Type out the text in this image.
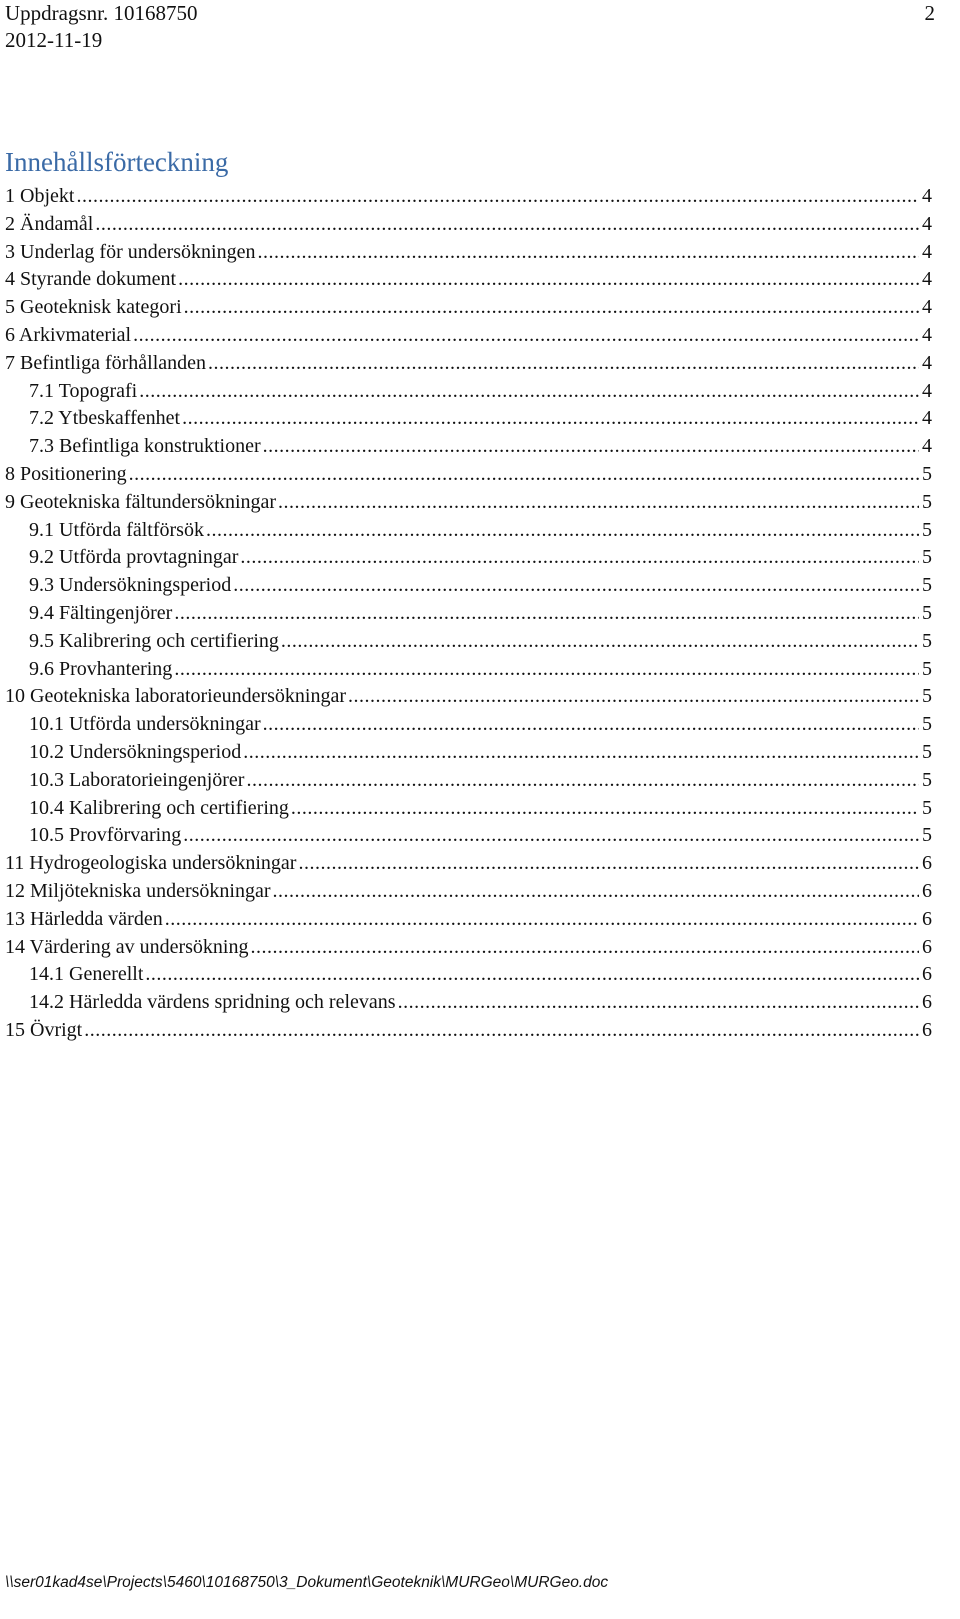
Uppdragsnr. 10168750	2
2012-11-19
Innehållsförteckning
1 Objekt .....	4
2 Ändamål .....	4
3 Underlag för undersökningen .....	4
4 Styrande dokument .....	4
5 Geoteknisk kategori .....	4
6 Arkivmaterial .....	4
7 Befintliga förhållanden .....	4
7.1 Topografi .....	4
7.2 Ytbeskaffenhet .....	4
7.3 Befintliga konstruktioner .....	4
8 Positionering .....	5
9 Geotekniska fältundersökningar .....	5
9.1 Utförda fältförsök .....	5
9.2 Utförda provtagningar .....	5
9.3 Undersökningsperiod .....	5
9.4 Fältingenjörer .....	5
9.5 Kalibrering och certifiering .....	5
9.6 Provhantering .....	5
10 Geotekniska laboratorieundersökningar .....	5
10.1 Utförda undersökningar .....	5
10.2 Undersökningsperiod .....	5
10.3 Laboratorieingenjörer .....	5
10.4 Kalibrering och certifiering .....	5
10.5 Provförvaring .....	5
11 Hydrogeologiska undersökningar .....	6
12 Miljötekniska undersökningar .....	6
13 Härledda värden .....	6
14 Värdering av undersökning .....	6
14.1 Generellt .....	6
14.2 Härledda värdens spridning och relevans .....	6
15 Övrigt .....	6
\\ser01kad4se\Projects\5460\10168750\3_Dokument\Geoteknik\MURGeo\MURGeo.doc
